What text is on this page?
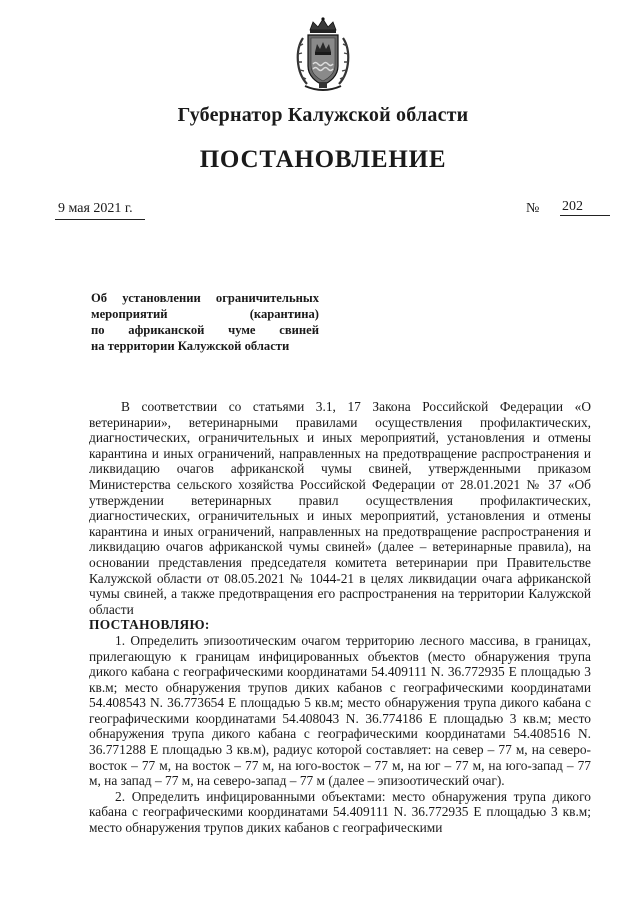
Губернатор Калужской области
ПОСТАНОВЛЕНИЕ
9 мая 2021 г.	№ 202
Об установлении ограничительных
мероприятий (карантина)
по африканской чуме свиней
на территории Калужской области

В соответствии со статьями 3.1, 17 Закона Российской Федерации «О ветеринарии», ветеринарными правилами осуществления профилактических, диагностических, ограничительных и иных мероприятий, установления и отмены карантина и иных ограничений, направленных на предотвращение распространения и ликвидацию очагов африканской чумы свиней, утвержденными приказом Министерства сельского хозяйства Российской Федерации от 28.01.2021 № 37 «Об утверждении ветеринарных правил осуществления профилактических, диагностических, ограничительных и иных мероприятий, установления и отмены карантина и иных ограничений, направленных на предотвращение распространения и ликвидацию очагов африканской чумы свиней» (далее – ветеринарные правила), на основании представления председателя комитета ветеринарии при Правительстве Калужской области от 08.05.2021 № 1044-21 в целях ликвидации очага африканской чумы свиней, а также предотвращения его распространения на территории Калужской области
ПОСТАНОВЛЯЮ:

1. Определить эпизоотическим очагом территорию лесного массива, в границах, прилегающую к границам инфицированных объектов (место обнаружения трупа дикого кабана с географическими координатами 54.409111 N. 36.772935 E площадью 3 кв.м; место обнаружения трупов диких кабанов с географическими координатами 54.408543 N. 36.773654 E площадью 5 кв.м; место обнаружения трупа дикого кабана с географическими координатами 54.408043 N. 36.774186 E площадью 3 кв.м; место обнаружения трупа дикого кабана с географическими координатами 54.408516 N. 36.771288 E площадью 3 кв.м), радиус которой составляет: на север – 77 м, на северо-восток – 77 м, на восток – 77 м, на юго-восток – 77 м, на юг – 77 м, на юго-запад – 77 м, на запад – 77 м, на северо-запад – 77 м (далее – эпизоотический очаг).

2. Определить инфицированными объектами: место обнаружения трупа дикого кабана с географическими координатами 54.409111 N. 36.772935 E площадью 3 кв.м; место обнаружения трупов диких кабанов с географическими
